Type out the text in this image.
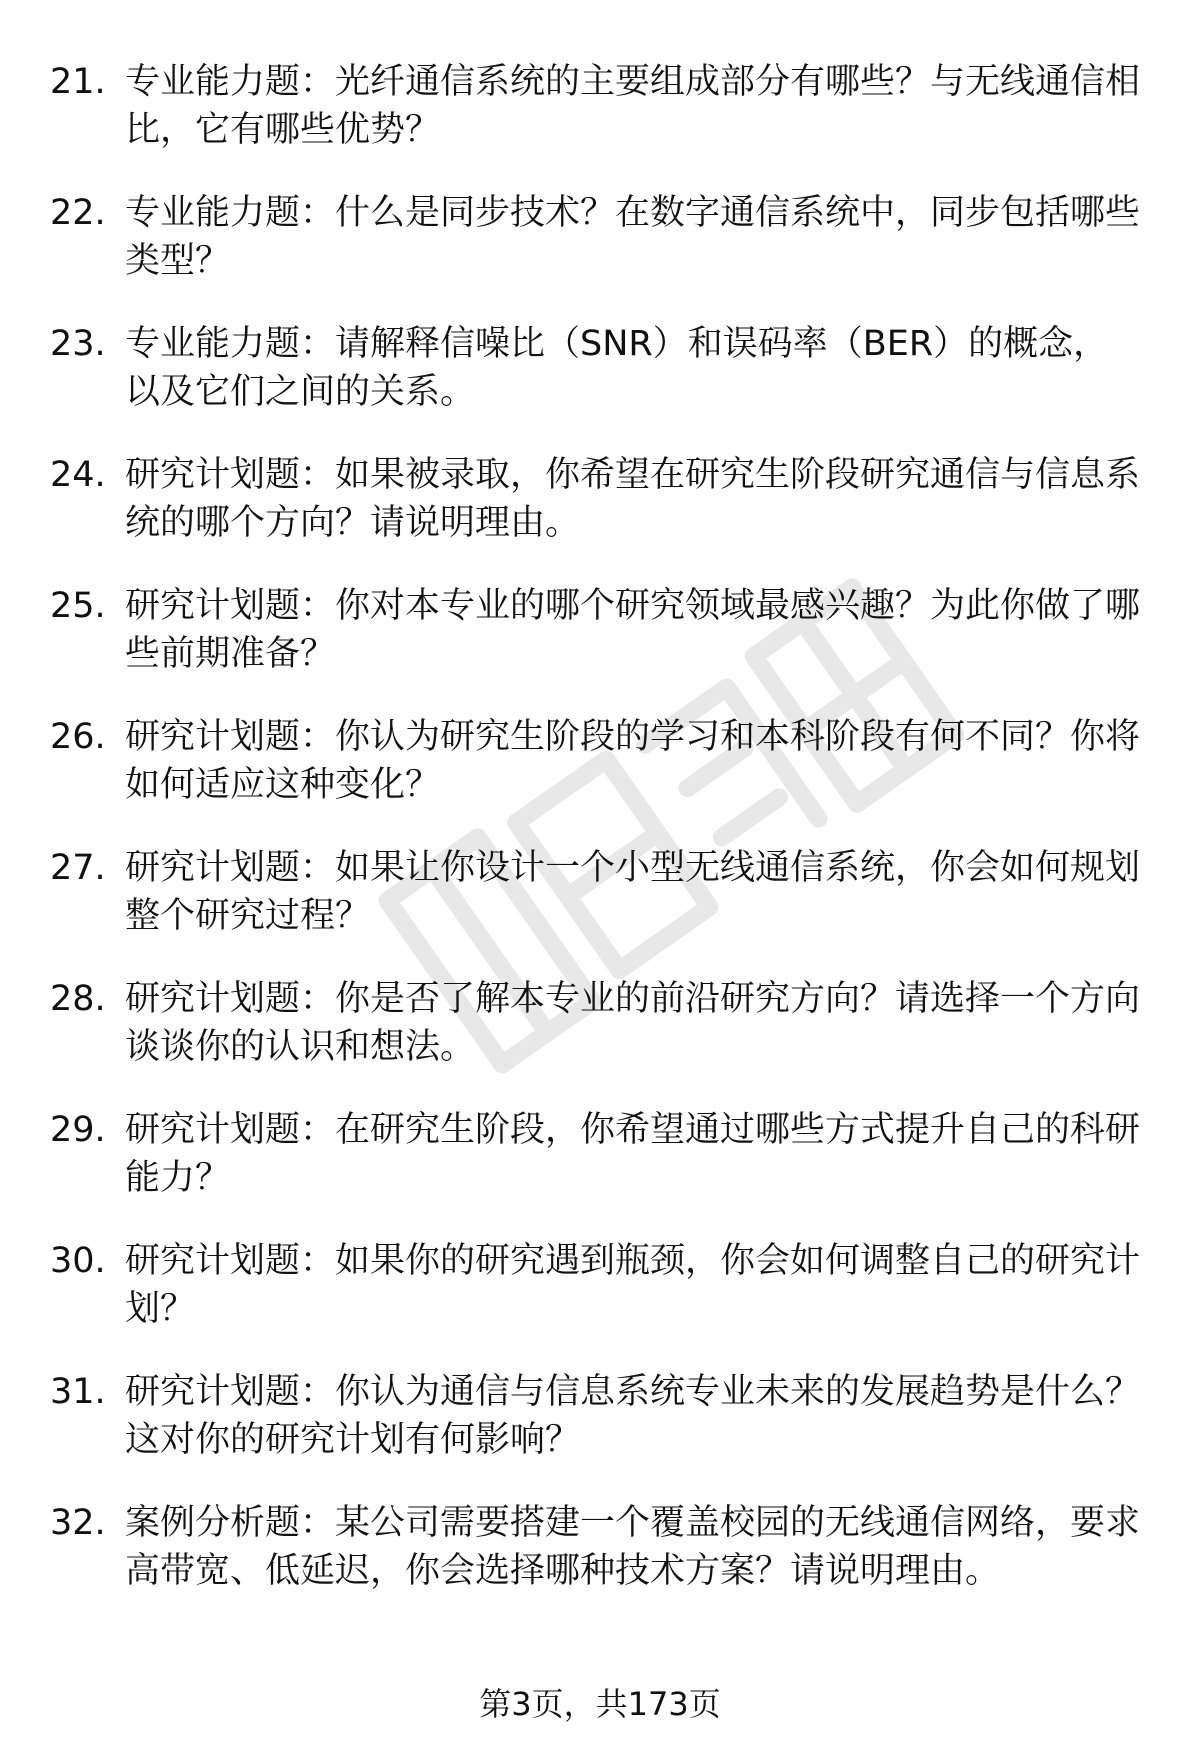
21. 专业能力题：光纤通信系统的主要组成部分有哪些？与无线通信相比，它有哪些优势？
22. 专业能力题：什么是同步技术？在数字通信系统中，同步包括哪些类型？
23. 专业能力题：请解释信噪比（SNR）和误码率（BER）的概念，以及它们之间的关系。
24. 研究计划题：如果被录取，你希望在研究生阶段研究通信与信息系统的哪个方向？请说明理由。
25. 研究计划题：你对本专业的哪个研究领域最感兴趣？为此你做了哪些前期准备？
26. 研究计划题：你认为研究生阶段的学习和本科阶段有何不同？你将如何适应这种变化？
27. 研究计划题：如果让你设计一个小型无线通信系统，你会如何规划整个研究过程？
28. 研究计划题：你是否了解本专业的前沿研究方向？请选择一个方向谈谈你的认识和想法。
29. 研究计划题：在研究生阶段，你希望通过哪些方式提升自己的科研能力？
30. 研究计划题：如果你的研究遇到瓶颈，你会如何调整自己的研究计划？
31. 研究计划题：你认为通信与信息系统专业未来的发展趋势是什么？这对你的研究计划有何影响？
32. 案例分析题：某公司需要搭建一个覆盖校园的无线通信网络，要求高带宽、低延迟，你会选择哪种技术方案？请说明理由。
第3页，共173页
